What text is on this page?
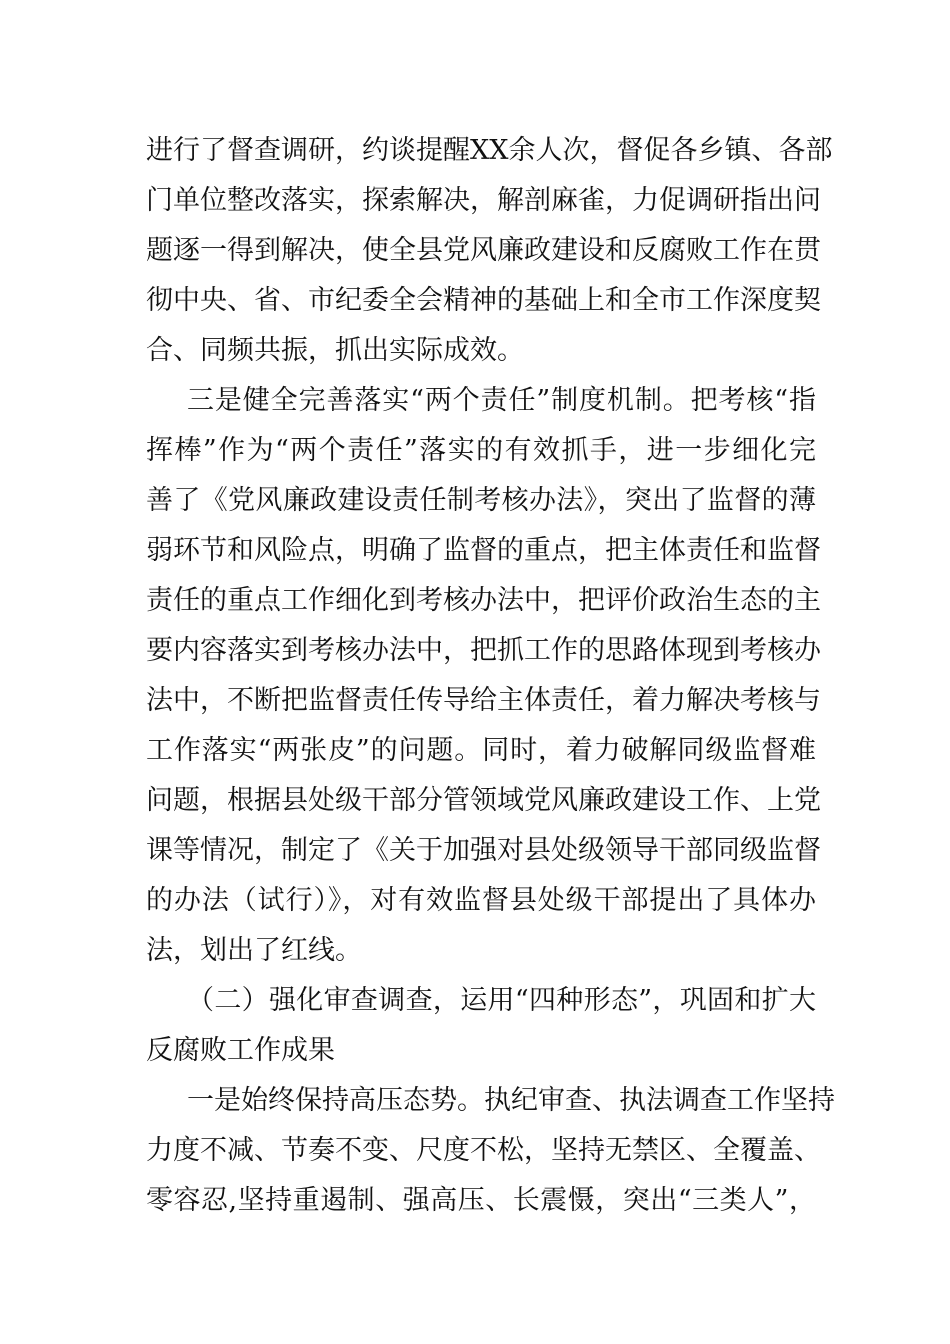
进行了督查调研，约谈提醒XX余人次，督促各乡镇、各部
门单位整改落实，探索解决，解剖麻雀，力促调研指出问
题逐一得到解决，使全县党风廉政建设和反腐败工作在贯
彻中央、省、市纪委全会精神的基础上和全市工作深度契
合、同频共振，抓出实际成效。
三是健全完善落实“两个责任”制度机制。把考核“指
挥棒”作为“两个责任”落实的有效抓手，进一步细化完
善了《党风廉政建设责任制考核办法》，突出了监督的薄
弱环节和风险点，明确了监督的重点，把主体责任和监督
责任的重点工作细化到考核办法中，把评价政治生态的主
要内容落实到考核办法中，把抓工作的思路体现到考核办
法中，不断把监督责任传导给主体责任，着力解决考核与
工作落实“两张皮”的问题。同时，着力破解同级监督难
问题，根据县处级干部分管领域党风廉政建设工作、上党
课等情况，制定了《关于加强对县处级领导干部同级监督
的办法（试行）》，对有效监督县处级干部提出了具体办
法，划出了红线。
（二）强化审查调查，运用“四种形态”，巩固和扩大
反腐败工作成果
一是始终保持高压态势。执纪审查、执法调查工作坚持
力度不减、节奏不变、尺度不松，坚持无禁区、全覆盖、
零容忍,坚持重遏制、强高压、长震慑，突出“三类人”，
